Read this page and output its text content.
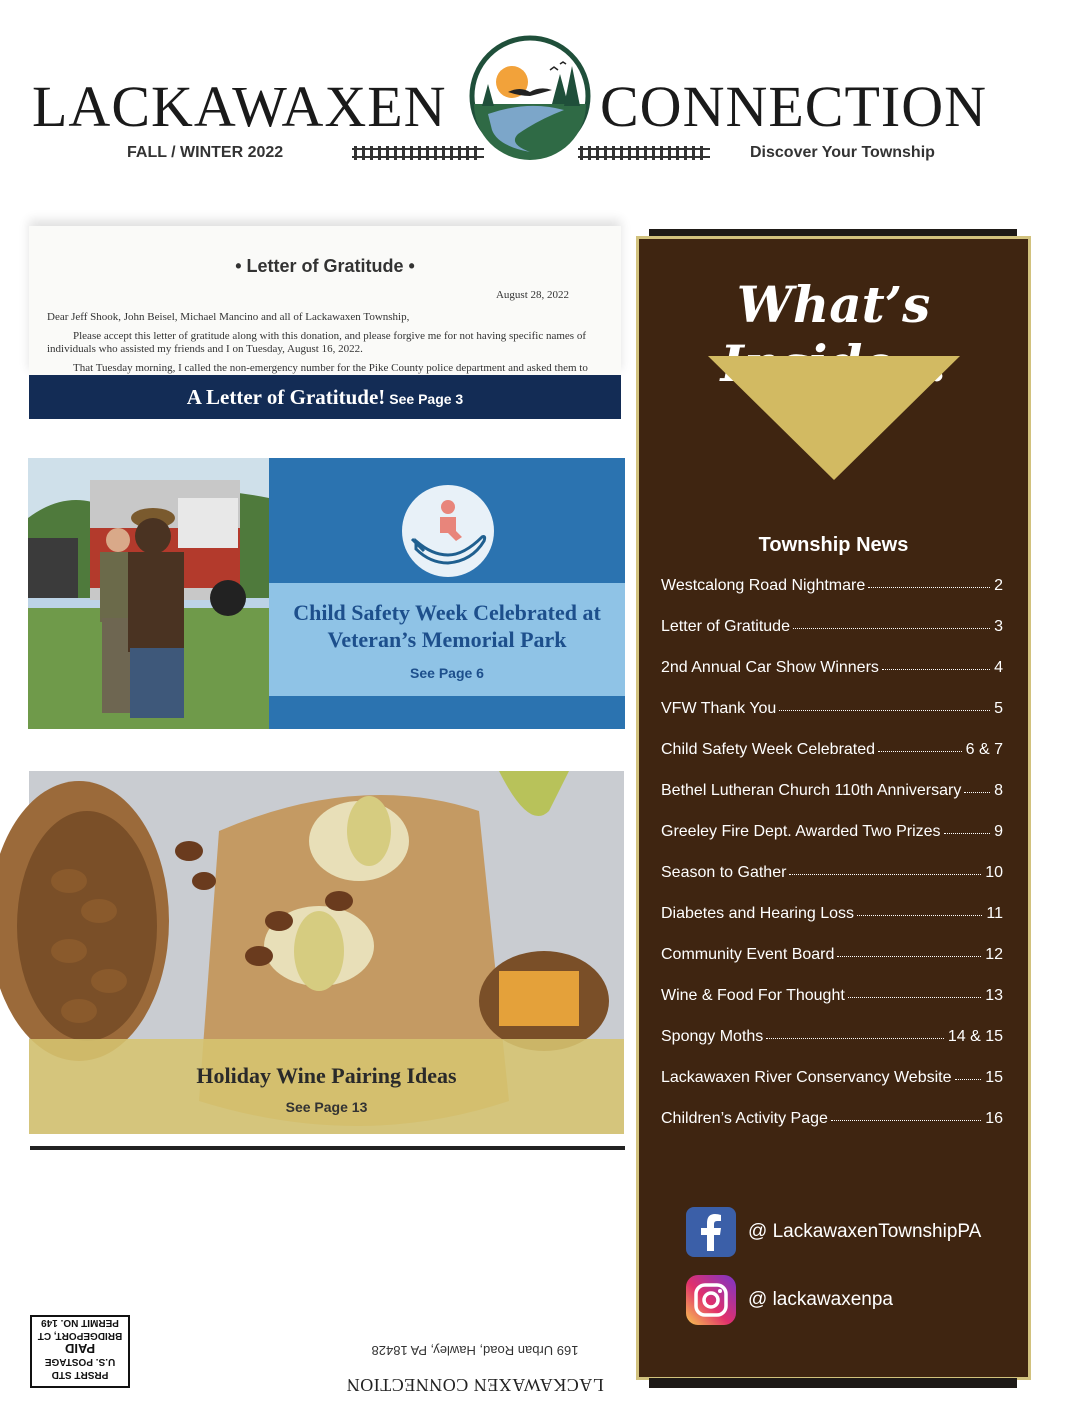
LACKAWAXEN	CONNECTION
FALL / WINTER 2022	Discover Your Township
• Letter of Gratitude •
August 28, 2022

Dear Jeff Shook, John Beisel, Michael Mancino and all of Lackawaxen Township,

Please accept this letter of gratitude along with this donation, and please forgive me for not having specific names of individuals who assisted my friends and I on Tuesday, August 16, 2022.

That Tuesday morning, I called the non-emergency number for the Pike County police department and asked them to

A Letter of Gratitude! See Page 3
Child Safety Week Celebrated at Veteran’s Memorial Park
See Page 6
Holiday Wine Pairing Ideas
See Page 13
PRSRT STD
U.S. POSTAGE
PAID
BRIDGEPORT, CT
PERMIT NO. 149
LACKAWAXEN CONNECTION
169 Urban Road, Hawley, PA 18428
What’s Inside...
Township News
Westcalong Road Nightmare	2
Letter of Gratitude	3
2nd Annual Car Show Winners	4
VFW Thank You	5
Child Safety Week Celebrated	6 & 7
Bethel Lutheran Church 110th Anniversary 8
Greeley Fire Dept. Awarded Two Prizes	9
Season to Gather	10
Diabetes and Hearing Loss	11
Community Event Board	12
Wine & Food For Thought	13
Spongy Moths	14 & 15
Lackawaxen River Conservancy Website 15
Children’s Activity Page	16
@ LackawaxenTownshipPA
@ lackawaxenpa
